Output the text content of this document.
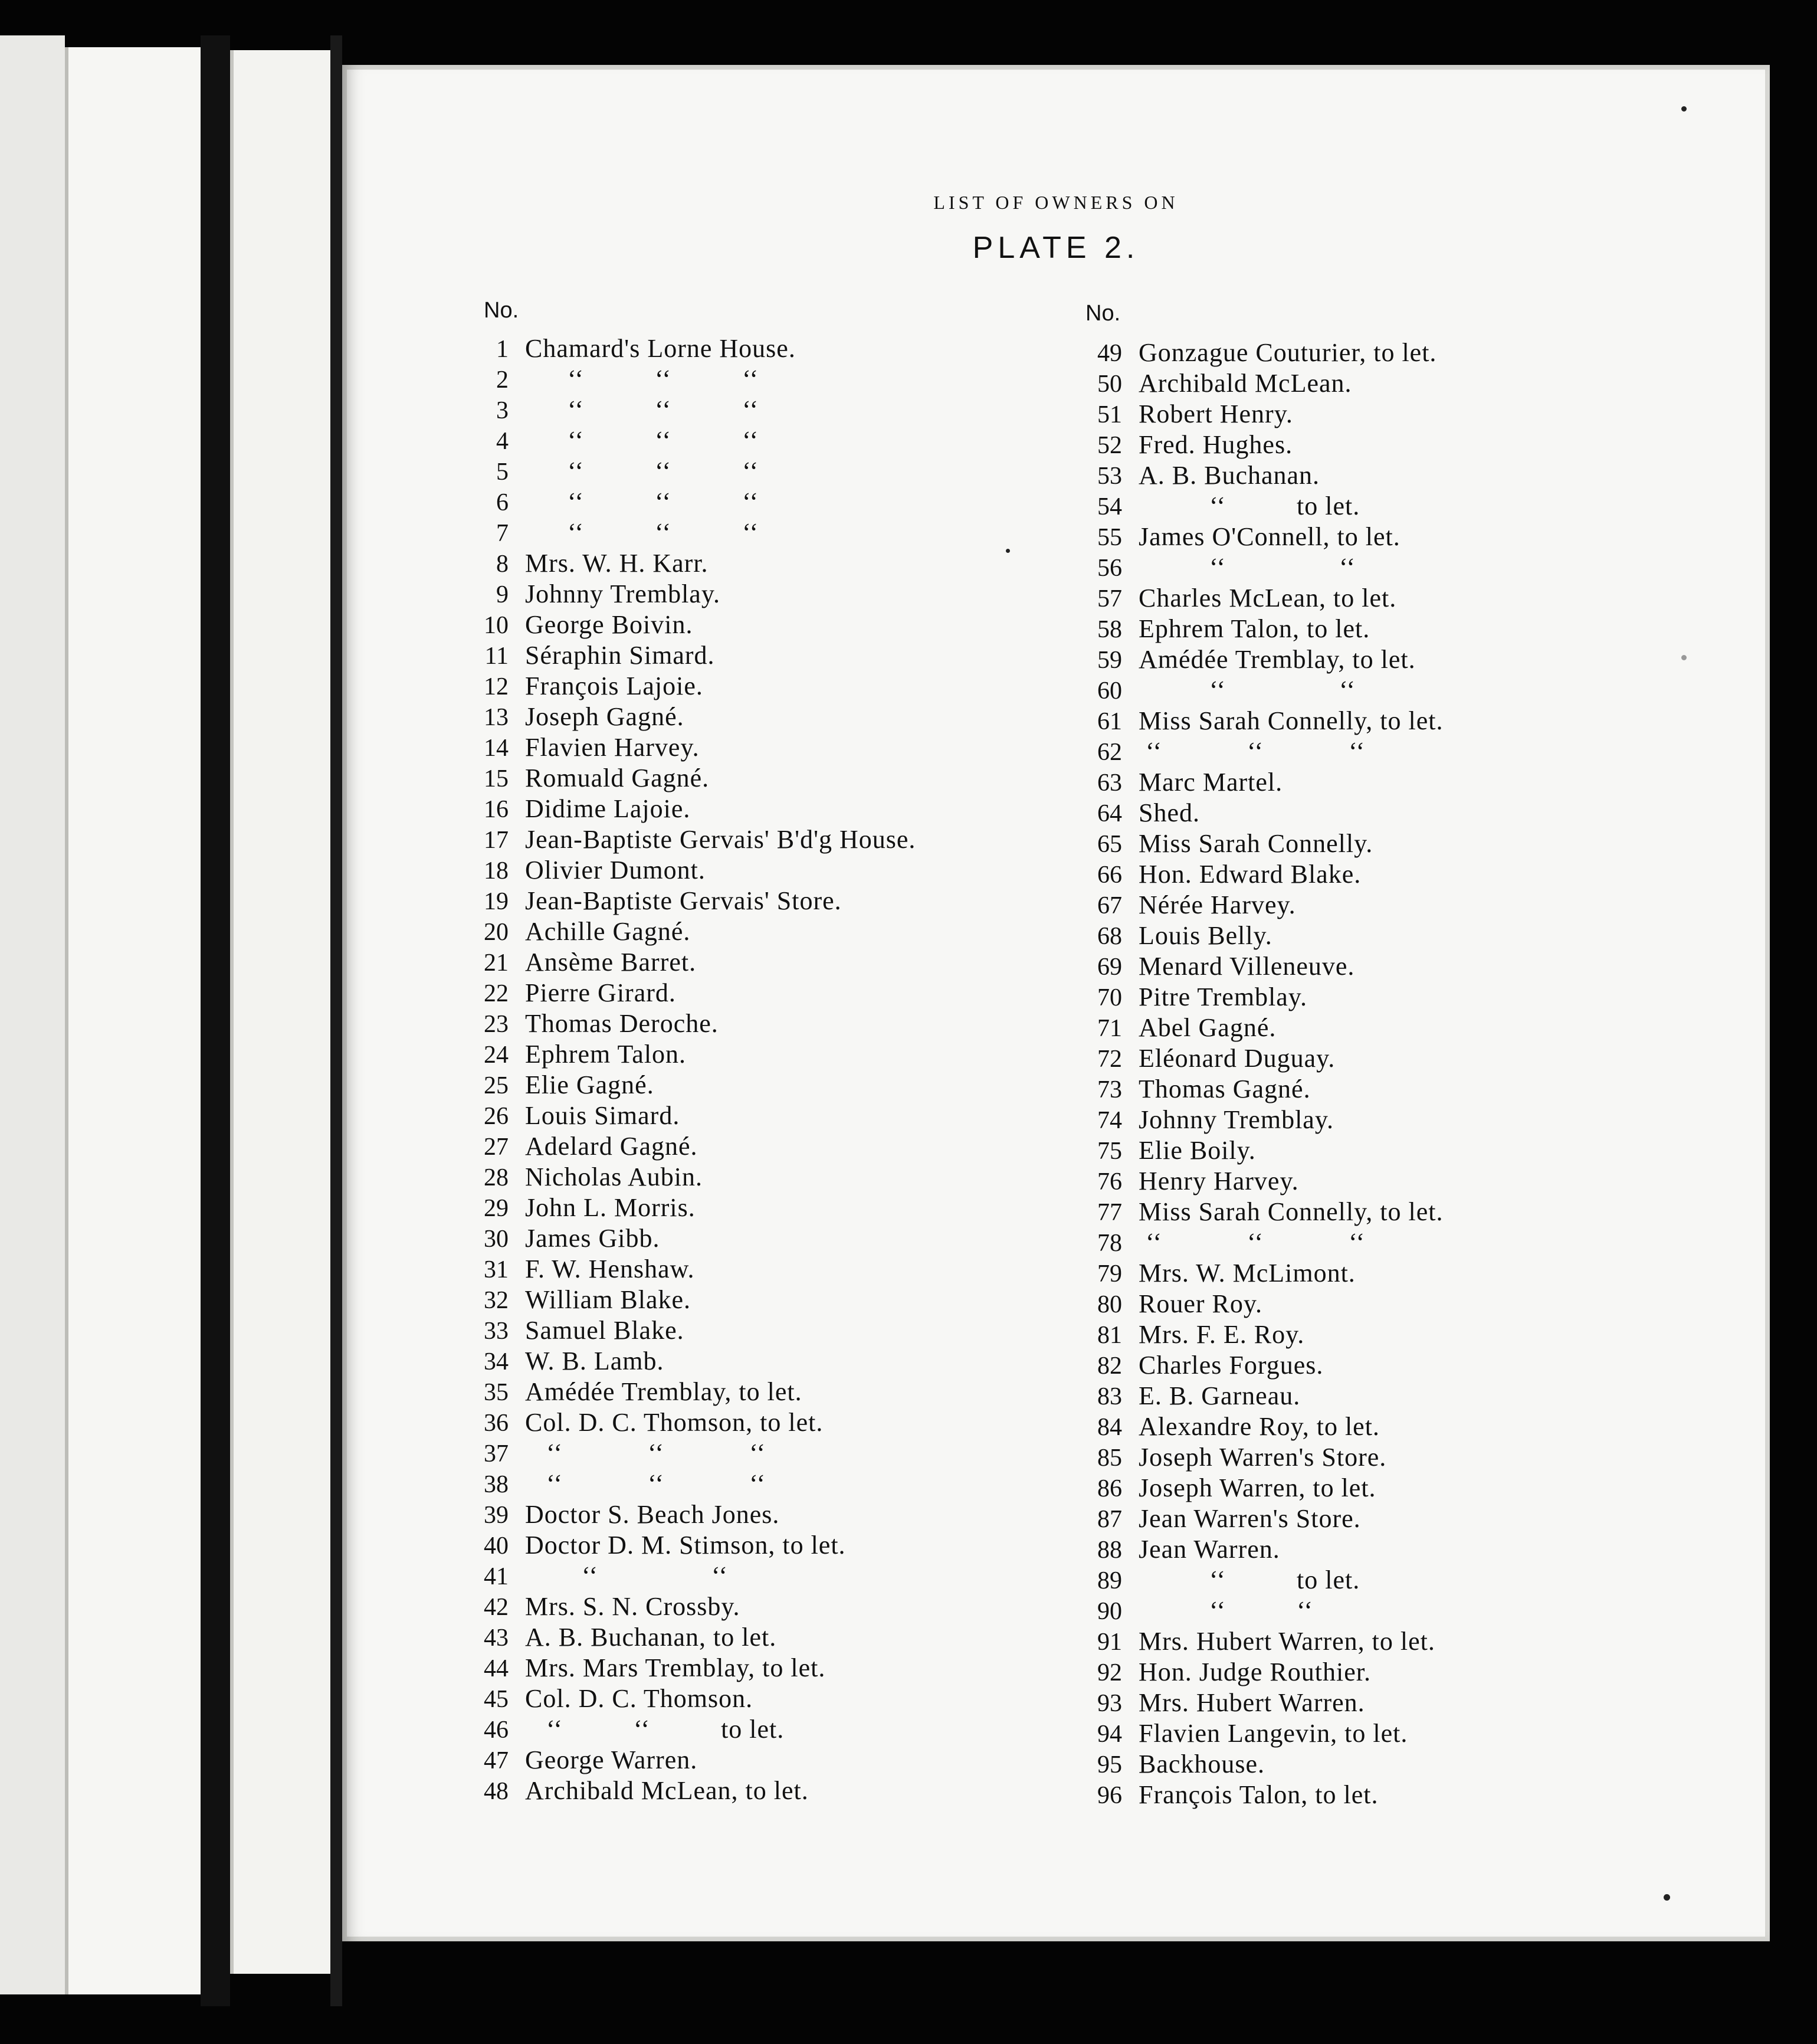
LIST OF OWNERS ON
PLATE 2.
No.	No.
1 Chamard's Lorne House.
2 ‘‘          ‘‘          ‘‘
3 ‘‘          ‘‘          ‘‘
4 ‘‘          ‘‘          ‘‘
5 ‘‘          ‘‘          ‘‘
6 ‘‘          ‘‘          ‘‘
7 ‘‘          ‘‘          ‘‘
8 Mrs. W. H. Karr.
9 Johnny Tremblay.
10 George Boivin.
11 Séraphin Simard.
12 François Lajoie.
13 Joseph Gagné.
14 Flavien Harvey.
15 Romuald Gagné.
16 Didime Lajoie.
17 Jean-Baptiste Gervais' B'd'g House.
18 Olivier Dumont.
19 Jean-Baptiste Gervais' Store.
20 Achille Gagné.
21 Ansème Barret.
22 Pierre Girard.
23 Thomas Deroche.
24 Ephrem Talon.
25 Elie Gagné.
26 Louis Simard.
27 Adelard Gagné.
28 Nicholas Aubin.
29 John L. Morris.
30 James Gibb.
31 F. W. Henshaw.
32 William Blake.
33 Samuel Blake.
34 W. B. Lamb.
35 Amédée Tremblay, to let.
36 Col. D. C. Thomson, to let.
37 ‘‘            ‘‘            ‘‘
38 ‘‘            ‘‘            ‘‘
39 Doctor S. Beach Jones.
40 Doctor D. M. Stimson, to let.
41 ‘‘                ‘‘
42 Mrs. S. N. Crossby.
43 A. B. Buchanan, to let.
44 Mrs. Mars Tremblay, to let.
45 Col. D. C. Thomson.
46 ‘‘          ‘‘          to let.
47 George Warren.
48 Archibald McLean, to let.
49 Gonzague Couturier, to let.
50 Archibald McLean.
51 Robert Henry.
52 Fred. Hughes.
53 A. B. Buchanan.
54 ‘‘          to let.
55 James O'Connell, to let.
56 ‘‘                ‘‘
57 Charles McLean, to let.
58 Ephrem Talon, to let.
59 Amédée Tremblay, to let.
60 ‘‘                ‘‘
61 Miss Sarah Connelly, to let.
62 ‘‘            ‘‘            ‘‘
63 Marc Martel.
64 Shed.
65 Miss Sarah Connelly.
66 Hon. Edward Blake.
67 Nérée Harvey.
68 Louis Belly.
69 Menard Villeneuve.
70 Pitre Tremblay.
71 Abel Gagné.
72 Eléonard Duguay.
73 Thomas Gagné.
74 Johnny Tremblay.
75 Elie Boily.
76 Henry Harvey.
77 Miss Sarah Connelly, to let.
78 ‘‘            ‘‘            ‘‘
79 Mrs. W. McLimont.
80 Rouer Roy.
81 Mrs. F. E. Roy.
82 Charles Forgues.
83 E. B. Garneau.
84 Alexandre Roy, to let.
85 Joseph Warren's Store.
86 Joseph Warren, to let.
87 Jean Warren's Store.
88 Jean Warren.
89 ‘‘          to let.
90 ‘‘          ‘‘
91 Mrs. Hubert Warren, to let.
92 Hon. Judge Routhier.
93 Mrs. Hubert Warren.
94 Flavien Langevin, to let.
95 Backhouse.
96 François Talon, to let.
